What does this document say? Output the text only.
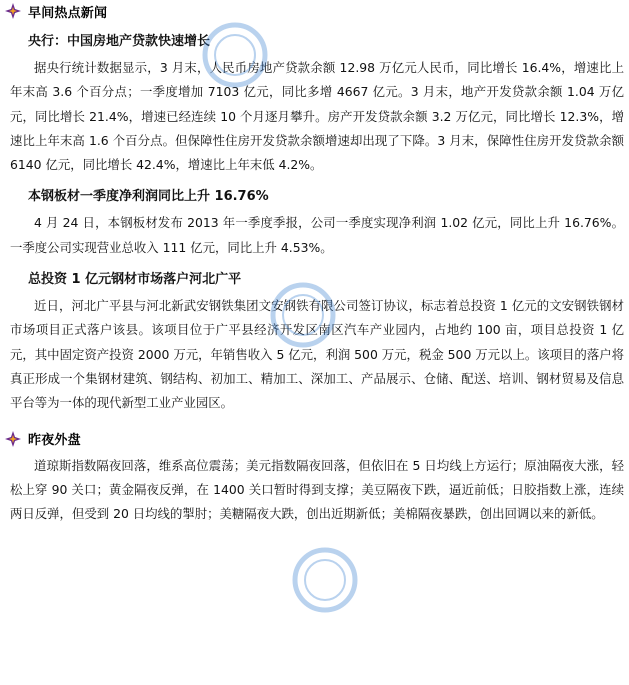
早间热点新闻
央行：中国房地产贷款快速增长

据央行统计数据显示，3 月末，人民币房地产贷款余额 12.98 万亿元人民币，同比增长 16.4%，增速比上年末高 3.6 个百分点；一季度增加 7103 亿元，同比多增 4667 亿元。3 月末，地产开发贷款余额 1.04 万亿元，同比增长 21.4%，增速已经连续 10 个月逐月攀升。房产开发贷款余额 3.2 万亿元，同比增长 12.3%，增速比上年末高 1.6 个百分点。但保障性住房开发贷款余额增速却出现了下降。3 月末，保障性住房开发贷款余额 6140 亿元，同比增长 42.4%，增速比上年末低 4.2%。

本钢板材一季度净利润同比上升 16.76%

4 月 24 日，本钢板材发布 2013 年一季度季报，公司一季度实现净利润 1.02 亿元，同比上升 16.76%。一季度公司实现营业总收入 111 亿元，同比上升 4.53%。

总投资 1 亿元钢材市场落户河北广平

近日，河北广平县与河北新武安钢铁集团文安钢铁有限公司签订协议，标志着总投资 1 亿元的文安钢铁钢材市场项目正式落户该县。该项目位于广平县经济开发区南区汽车产业园内，占地约 100 亩，项目总投资 1 亿元，其中固定资产投资 2000 万元，年销售收入 5 亿元，利润 500 万元，税金 500 万元以上。该项目的落户将真正形成一个集钢材建筑、钢结构、初加工、精加工、深加工、产品展示、仓储、配送、培训、钢材贸易及信息平台等为一体的现代新型工业产业园区。

昨夜外盘

道琼斯指数隔夜回落，维系高位震荡；美元指数隔夜回落，但依旧在 5 日均线上方运行；原油隔夜大涨，轻松上穿 90 关口；黄金隔夜反弹，在 1400 关口暂时得到支撑；美豆隔夜下跌，逼近前低；日胶指数上涨，连续两日反弹，但受到 20 日均线的掣肘；美糖隔夜大跌，创出近期新低；美棉隔夜暴跌，创出回调以来的新低。
